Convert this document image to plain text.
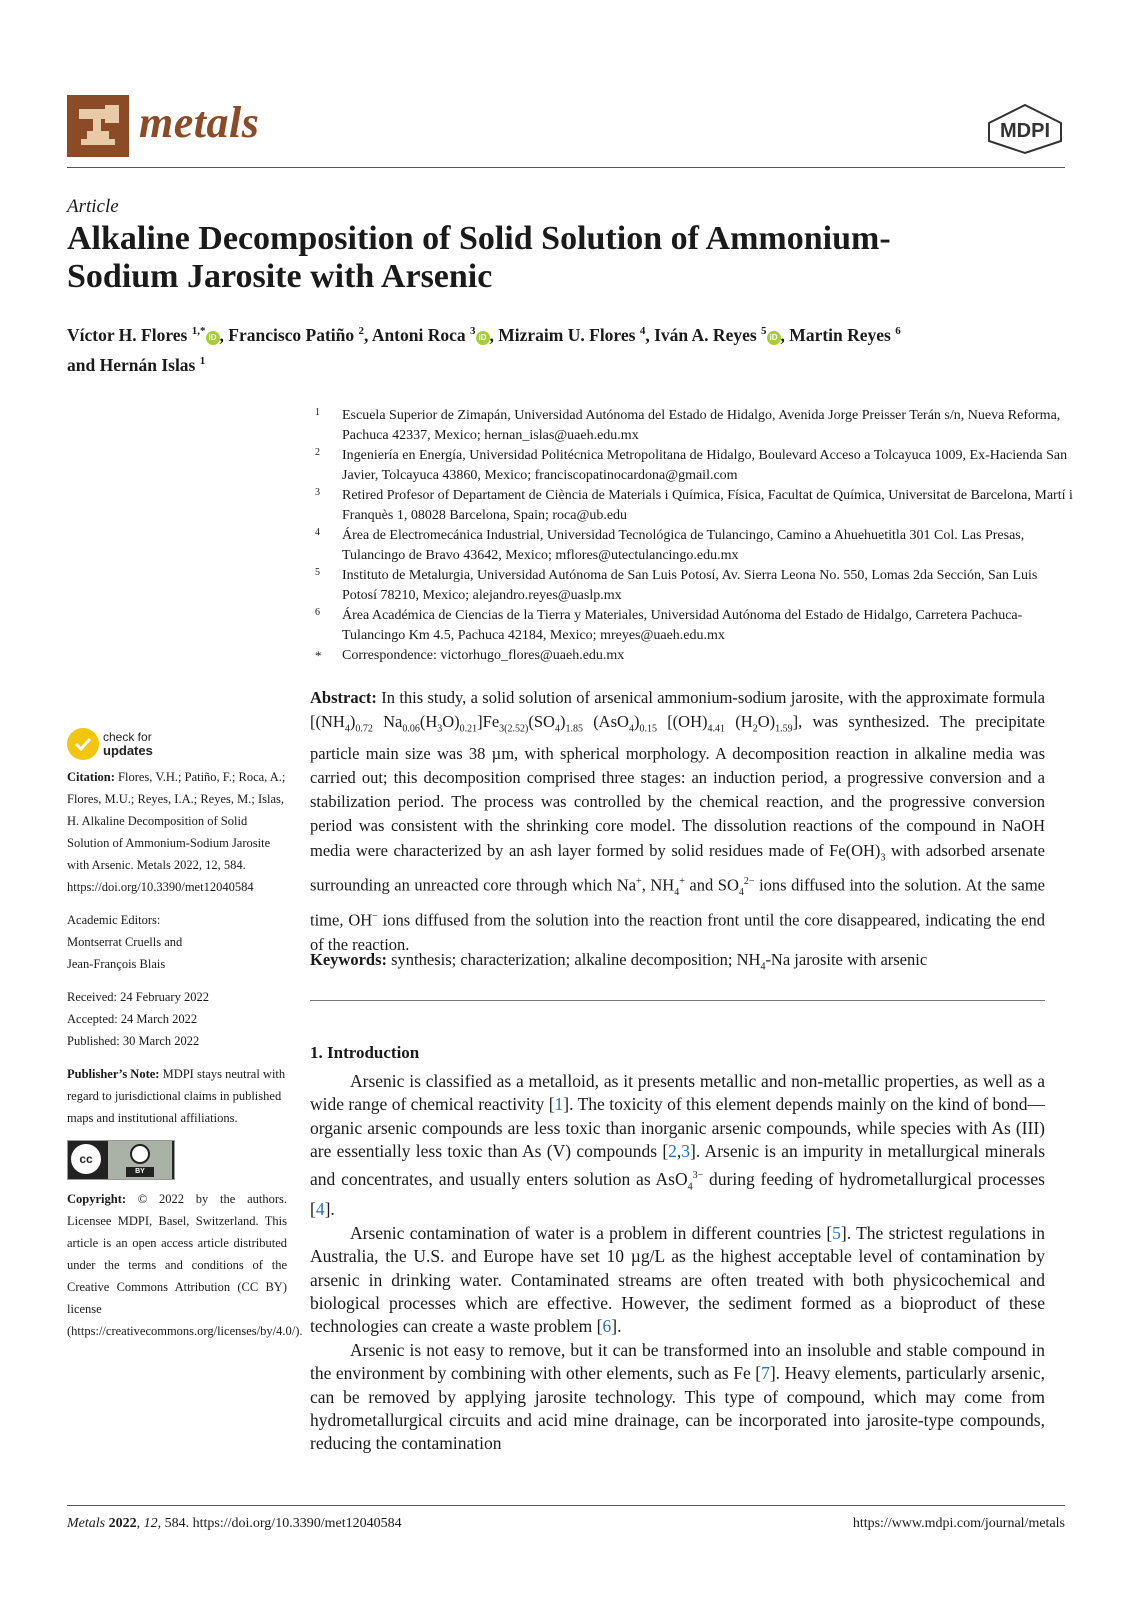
metals	MDPI
Article
Alkaline Decomposition of Solid Solution of Ammonium-Sodium Jarosite with Arsenic
Víctor H. Flores $^{1,*}$iD , Francisco Patiño $^2$, Antoni Roca $^3$iD , Mizraim U. Flores $^4$, Iván A. Reyes $^5$iD , Martin Reyes $^6$
and Hernán Islas $^1$
1 Escuela Superior de Zimapán, Universidad Autónoma del Estado de Hidalgo, Avenida Jorge Preisser Terán s/n, Nueva Reforma, Pachuca 42337, Mexico; hernan_islas@uaeh.edu.mx
2 Ingeniería en Energía, Universidad Politécnica Metropolitana de Hidalgo, Boulevard Acceso a Tolcayuca 1009, Ex-Hacienda San Javier, Tolcayuca 43860, Mexico; franciscopatinocardona@gmail.com
3 Retired Profesor of Departament de Ciència de Materials i Química, Física, Facultat de Química, Universitat de Barcelona, Martí i Franquès 1, 08028 Barcelona, Spain; roca@ub.edu
4 Área de Electromecánica Industrial, Universidad Tecnológica de Tulancingo, Camino a Ahuehuetitla 301 Col. Las Presas, Tulancingo de Bravo 43642, Mexico; mflores@utectulancingo.edu.mx
5 Instituto de Metalurgia, Universidad Autónoma de San Luis Potosí, Av. Sierra Leona No. 550, Lomas 2da Sección, San Luis Potosí 78210, Mexico; alejandro.reyes@uaslp.mx
6 Área Académica de Ciencias de la Tierra y Materiales, Universidad Autónoma del Estado de Hidalgo, Carretera Pachuca-Tulancingo Km 4.5, Pachuca 42184, Mexico; mreyes@uaeh.edu.mx
* Correspondence: victorhugo_flores@uaeh.edu.mx
check for
updates
Citation: Flores, V.H.; Patiño, F.; Roca, A.; Flores, M.U.; Reyes, I.A.; Reyes, M.; Islas, H. Alkaline Decomposition of Solid Solution of Ammonium-Sodium Jarosite with Arsenic. Metals 2022, 12, 584. https://doi.org/10.3390/met12040584
Academic Editors:
Montserrat Cruells and
Jean-François Blais
Received: 24 February 2022
Accepted: 24 March 2022
Published: 30 March 2022
Publisher’s Note: MDPI stays neutral with regard to jurisdictional claims in published maps and institutional affiliations.
cc
BY
Copyright: © 2022 by the authors. Licensee MDPI, Basel, Switzerland. This article is an open access article distributed under the terms and conditions of the Creative Commons Attribution (CC BY) license (https://creativecommons.org/licenses/by/4.0/).

Abstract: In this study, a solid solution of arsenical ammonium-sodium jarosite, with the approximate formula [$(NH_4)_{0.72}$ $Na_{0.06}(H_3O)_{0.21}]Fe_{3(2.52)}(SO_4)_{1.85}$ $(AsO_4)_{0.15}$ [$(OH)_{4.41}$ $(H_2O)_{1.59}$], was synthesized. The precipitate particle main size was 38 µm, with spherical morphology. A decomposition reaction in alkaline media was carried out; this decomposition comprised three stages: an induction period, a progressive conversion and a stabilization period. The process was controlled by the chemical reaction, and the progressive conversion period was consistent with the shrinking core model. The dissolution reactions of the compound in NaOH media were characterized by an ash layer formed by solid residues made of $Fe(OH)_3$ with adsorbed arsenate surrounding an unreacted core through which Na+, $NH_4^+$ and $SO_4^{2-}$ ions diffused into the solution. At the same time, OH− ions diffused from the solution into the reaction front until the core disappeared, indicating the end of the reaction.

Keywords: synthesis; characterization; alkaline decomposition; $NH_4-Na$ jarosite with arsenic

1. Introduction

Arsenic is classified as a metalloid, as it presents metallic and non-metallic properties, as well as a wide range of chemical reactivity [1]. The toxicity of this element depends mainly on the kind of bond—organic arsenic compounds are less toxic than inorganic arsenic compounds, while species with As (III) are essentially less toxic than As (V) compounds [2,3]. Arsenic is an impurity in metallurgical minerals and concentrates, and usually enters solution as AsO$_4^{3-}$ during feeding of hydrometallurgical processes [4].

Arsenic contamination of water is a problem in different countries [5]. The strictest regulations in Australia, the U.S. and Europe have set 10 µg/L as the highest acceptable level of contamination by arsenic in drinking water. Contaminated streams are often treated with both physicochemical and biological processes which are effective. However, the sediment formed as a bioproduct of these technologies can create a waste problem [6].

Arsenic is not easy to remove, but it can be transformed into an insoluble and stable compound in the environment by combining with other elements, such as Fe [7]. Heavy elements, particularly arsenic, can be removed by applying jarosite technology. This type of compound, which may come from hydrometallurgical circuits and acid mine drainage, can be incorporated into jarosite-type compounds, reducing the contamination

Metals 2022, 12, 584. https://doi.org/10.3390/met12040584	https://www.mdpi.com/journal/metals
